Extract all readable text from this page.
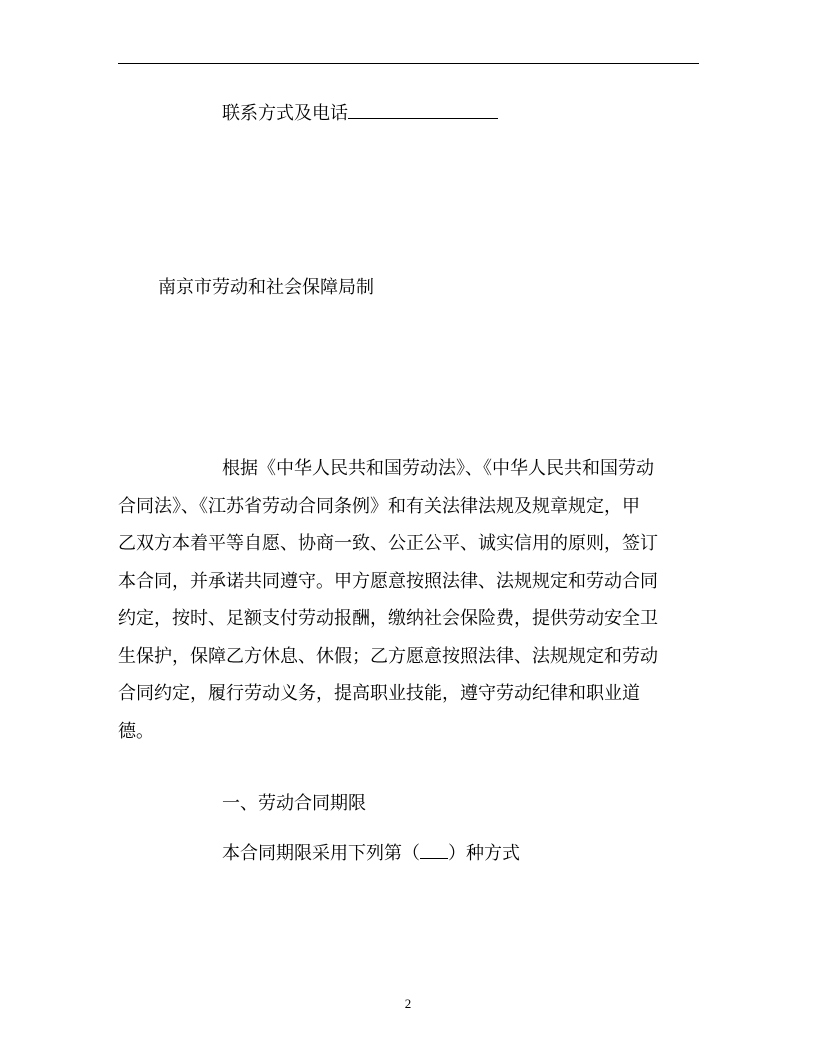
联系方式及电话
南京市劳动和社会保障局制

根据《中华人民共和国劳动法》、《中华人民共和国劳动

合同法》、《江苏省劳动合同条例》和有关法律法规及规章规定，甲

乙双方本着平等自愿、协商一致、公正公平、诚实信用的原则，签订

本合同，并承诺共同遵守。甲方愿意按照法律、法规规定和劳动合同

约定，按时、足额支付劳动报酬，缴纳社会保险费，提供劳动安全卫

生保护，保障乙方休息、休假；乙方愿意按照法律、法规规定和劳动

合同约定，履行劳动义务，提高职业技能，遵守劳动纪律和职业道

德。

一、劳动合同期限
本合同期限采用下列第（ ）种方式
2
